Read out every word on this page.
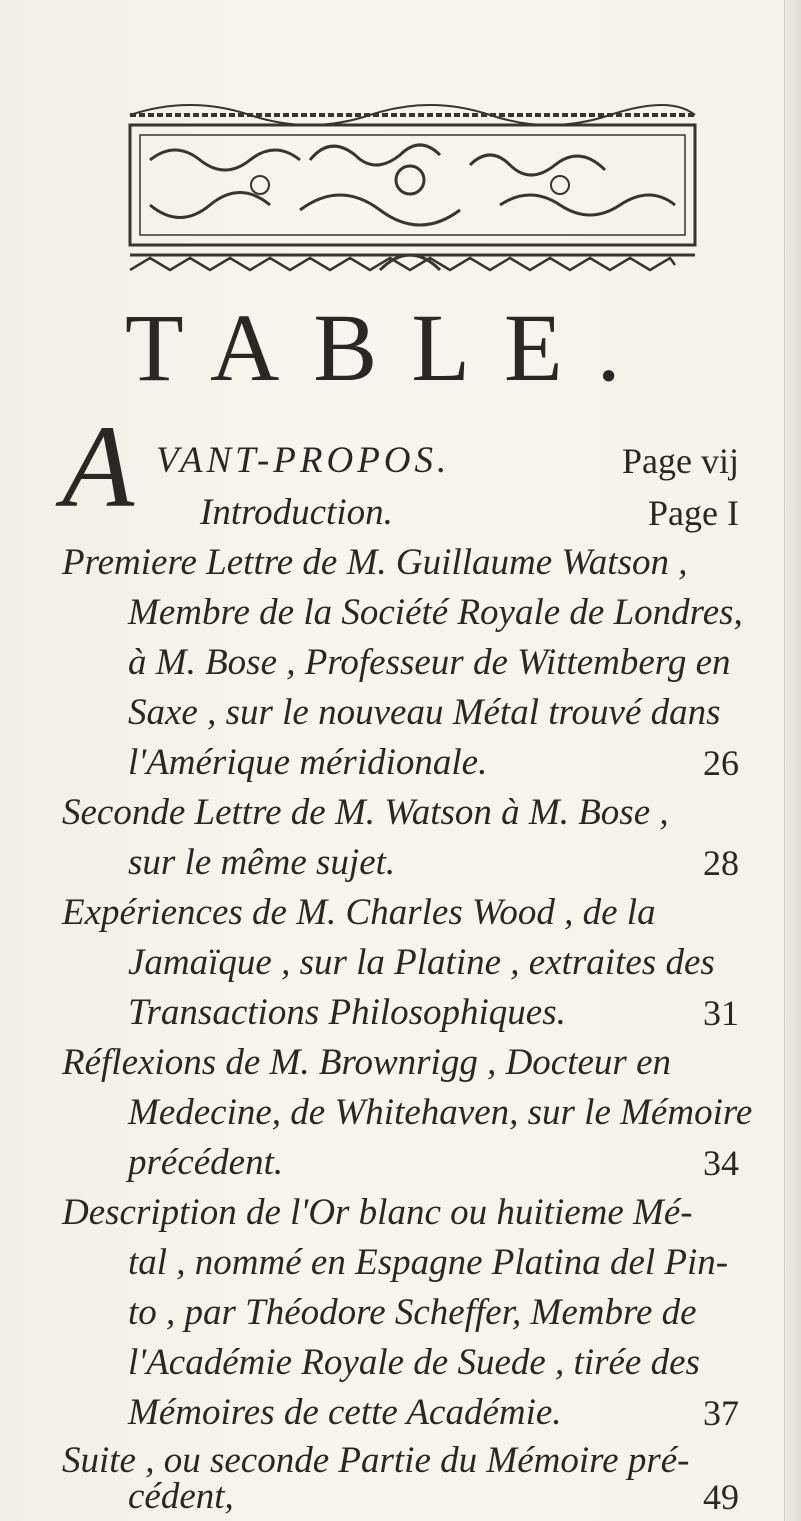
TABLE.
A VANT-PROPOS.	Page vij
Introduction.	Page I
Premiere Lettre de M. Guillaume Watson ,
Membre de la Société Royale de Londres,
à M. Bose , Professeur de Wittemberg en
Saxe , sur le nouveau Métal trouvé dans
l'Amérique méridionale.	26
Seconde Lettre de M. Watson à M. Bose ,
sur le même sujet.	28
Expériences de M. Charles Wood , de la
Jamaïque , sur la Platine , extraites des
Transactions Philosophiques.	31
Réflexions de M. Brownrigg , Docteur en
Medecine, de Whitehaven, sur le Mémoire
précédent.	34
Description de l'Or blanc ou huitieme Mé-
tal , nommé en Espagne Platina del Pin-
to , par Théodore Scheffer, Membre de
l'Académie Royale de Suede , tirée des
Mémoires de cette Académie.	37
Suite , ou seconde Partie du Mémoire pré-
cédent,	49
